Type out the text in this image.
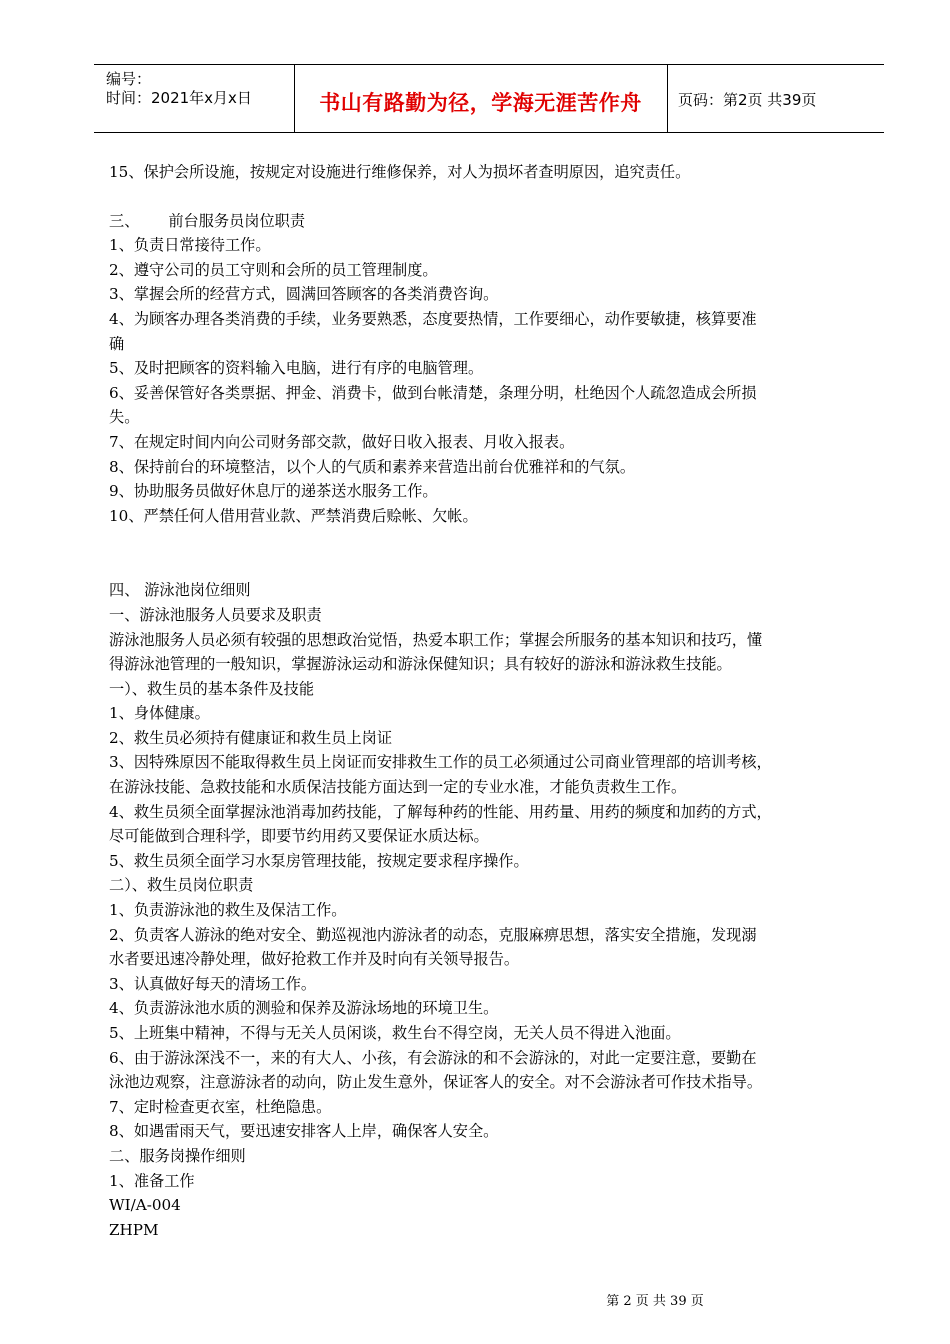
编号：
时间：2021年x月x日	书山有路勤为径，学海无涯苦作舟	页码：第2页 共39页

15、保护会所设施，按规定对设施进行维修保养，对人为损坏者查明原因，追究责任。

三、      前台服务员岗位职责

1、负责日常接待工作。

2、遵守公司的员工守则和会所的员工管理制度。

3、掌握会所的经营方式，圆满回答顾客的各类消费咨询。

4、为顾客办理各类消费的手续，业务要熟悉，态度要热情，工作要细心，动作要敏捷，核算要准

确

5、及时把顾客的资料输入电脑，进行有序的电脑管理。

6、妥善保管好各类票据、押金、消费卡，做到台帐清楚，条理分明，杜绝因个人疏忽造成会所损

失。

7、在规定时间内向公司财务部交款，做好日收入报表、月收入报表。

8、保持前台的环境整洁，以个人的气质和素养来营造出前台优雅祥和的气氛。

9、协助服务员做好休息厅的递茶送水服务工作。

10、严禁任何人借用营业款、严禁消费后赊帐、欠帐。

四、 游泳池岗位细则

一、游泳池服务人员要求及职责

游泳池服务人员必须有较强的思想政治觉悟，热爱本职工作；掌握会所服务的基本知识和技巧，懂

得游泳池管理的一般知识，掌握游泳运动和游泳保健知识；具有较好的游泳和游泳救生技能。

一）、救生员的基本条件及技能

1、身体健康。

2、救生员必须持有健康证和救生员上岗证

3、因特殊原因不能取得救生员上岗证而安排救生工作的员工必须通过公司商业管理部的培训考核，

在游泳技能、急救技能和水质保洁技能方面达到一定的专业水准，才能负责救生工作。

4、救生员须全面掌握泳池消毒加药技能，了解每种药的性能、用药量、用药的频度和加药的方式，

尽可能做到合理科学，即要节约用药又要保证水质达标。

5、救生员须全面学习水泵房管理技能，按规定要求程序操作。

二）、救生员岗位职责

1、负责游泳池的救生及保洁工作。

2、负责客人游泳的绝对安全、勤巡视池内游泳者的动态，克服麻痹思想，落实安全措施，发现溺

水者要迅速冷静处理，做好抢救工作并及时向有关领导报告。

3、认真做好每天的清场工作。

4、负责游泳池水质的测验和保养及游泳场地的环境卫生。

5、上班集中精神，不得与无关人员闲谈，救生台不得空岗，无关人员不得进入池面。

6、由于游泳深浅不一，来的有大人、小孩，有会游泳的和不会游泳的，对此一定要注意，要勤在

泳池边观察，注意游泳者的动向，防止发生意外，保证客人的安全。对不会游泳者可作技术指导。

7、定时检查更衣室，杜绝隐患。

8、如遇雷雨天气，要迅速安排客人上岸，确保客人安全。

二、服务岗操作细则

1、准备工作

WI/A-004

ZHPM

第 2 页 共 39 页
